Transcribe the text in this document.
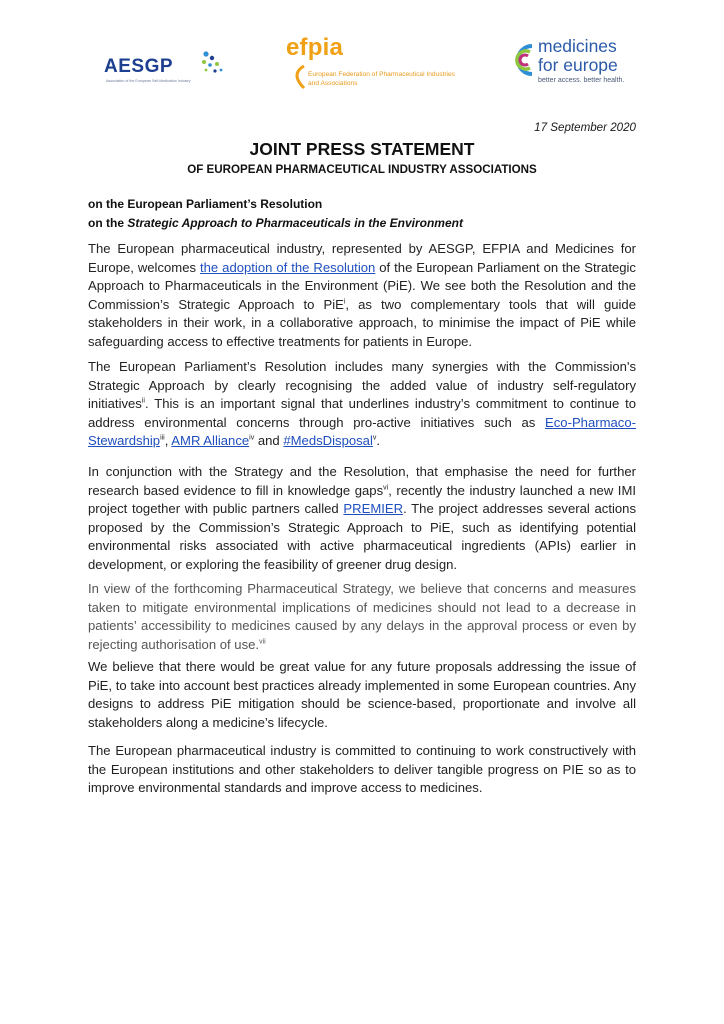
AESGP
Association of the European Self-Medication Industry
efpia
European Federation of Pharmaceutical Industries and Associations
medicines
for europe
better access. better health.
17 September 2020
JOINT PRESS STATEMENT
OF EUROPEAN PHARMACEUTICAL INDUSTRY ASSOCIATIONS
on the European Parliament’s Resolution
on the Strategic Approach to Pharmaceuticals in the Environment

The European pharmaceutical industry, represented by AESGP, EFPIA and Medicines for Europe, welcomes the adoption of the Resolution of the European Parliament on the Strategic Approach to Pharmaceuticals in the Environment (PiE). We see both the Resolution and the Commission’s Strategic Approach to PiE$^i$, as two complementary tools that will guide stakeholders in their work, in a collaborative approach, to minimise the impact of PiE while safeguarding access to effective treatments for patients in Europe.

The European Parliament’s Resolution includes many synergies with the Commission's Strategic Approach by clearly recognising the added value of industry self-regulatory initiatives$^{ii}$. This is an important signal that underlines industry’s commitment to continue to address environmental concerns through pro-active initiatives such as Eco-Pharmaco-Stewardship$^{iii}$, AMR Alliance$^{iv}$ and #MedsDisposal$^v$.

In conjunction with the Strategy and the Resolution, that emphasise the need for further research based evidence to fill in knowledge gaps$^{vi}$, recently the industry launched a new IMI project together with public partners called PREMIER. The project addresses several actions proposed by the Commission’s Strategic Approach to PiE, such as identifying potential environmental risks associated with active pharmaceutical ingredients (APIs) earlier in development, or exploring the feasibility of greener drug design.

In view of the forthcoming Pharmaceutical Strategy, we believe that concerns and measures taken to mitigate environmental implications of medicines should not lead to a decrease in patients’ accessibility to medicines caused by any delays in the approval process or even by rejecting authorisation of use.$^{vii}$

We believe that there would be great value for any future proposals addressing the issue of PiE, to take into account best practices already implemented in some European countries. Any designs to address PiE mitigation should be science-based, proportionate and involve all stakeholders along a medicine’s lifecycle.

The European pharmaceutical industry is committed to continuing to work constructively with the European institutions and other stakeholders to deliver tangible progress on PIE so as to improve environmental standards and improve access to medicines.
